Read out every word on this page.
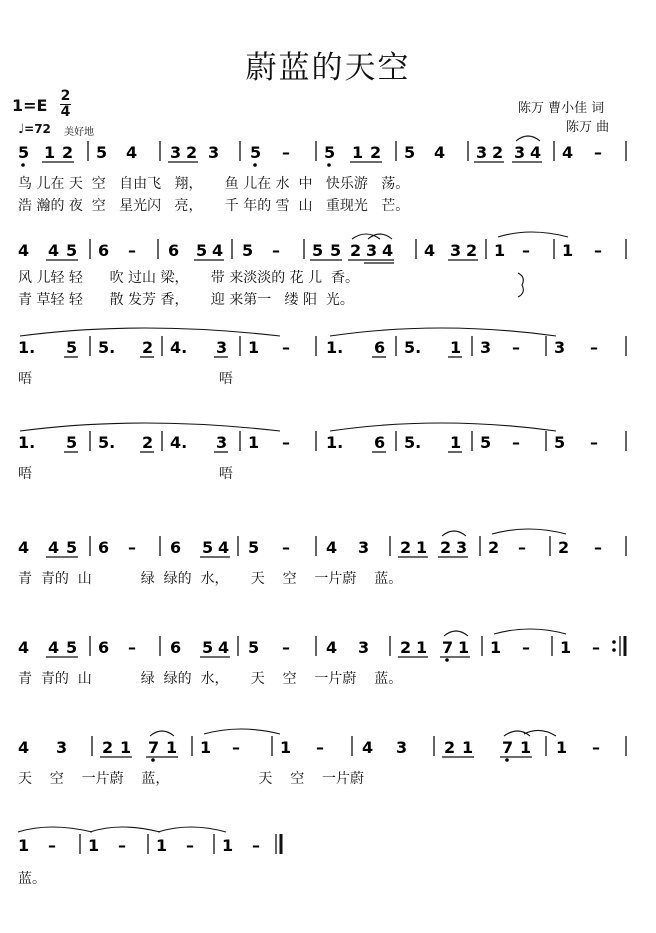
蔚蓝的天空
1=E 2
4
♩=72 美好地
陈万 曹小佳 词
陈万 曲
5 1 2 5 4 3 2 3 5 – 5 1 2 5 4 3 2 3 4 4 –
鸟 儿在 天  空   自由飞   翔，     鱼 儿在 水  中   快乐游   荡。
浩 瀚的 夜  空   星光闪   亮，     千 年的 雪  山   重现光   芒。
4 4 5 6 – 6 5 4 5 – 5 5 2 3 4 4 3 2 1 – 1 –
风 儿轻 轻      吹 过山 梁，     带 来淡淡的 花 儿  香。
青 草轻 轻      散 发芳 香，     迎 来第一   缕 阳  光。
1. 5 5. 2 4. 3 1 – 1. 6 5. 1 3 – 3 –
唔                                          唔
1. 5 5. 2 4. 3 1 – 1. 6 5. 1 5 – 5 –
唔                                          唔
4 4 5 6 – 6 5 4 5 – 4 3 2 1 2 3 2 – 2 –
青  青的  山           绿  绿的  水，     天    空    一片蔚    蓝。
4 4 5 6 – 6 5 4 5 – 4 3 2 1 7 1 1 – 1 –
青  青的  山           绿  绿的  水，     天    空    一片蔚    蓝。
4 3 2 1 7 1 1 –	1 – 4 3 2 1 7 1 1 –
天    空    一片蔚    蓝，                    天    空    一片蔚
1 – 1 – 1 – 1 –
蓝。
